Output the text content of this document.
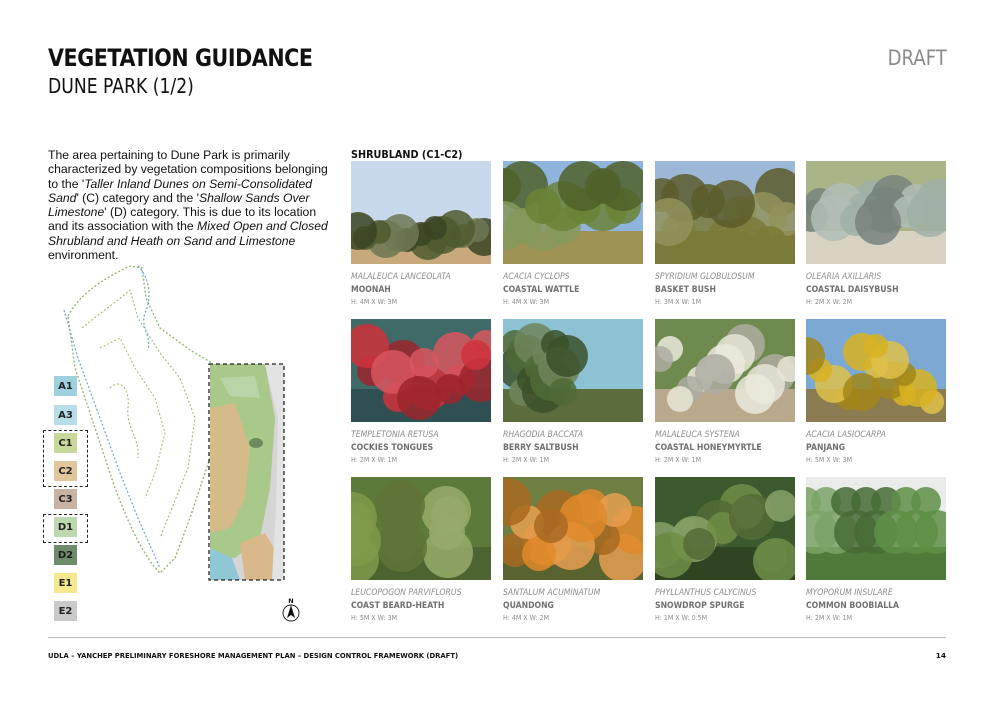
VEGETATION GUIDANCE
DUNE PARK (1/2)
DRAFT

The area pertaining to Dune Park is primarily characterized by vegetation compositions belonging to the 'Taller Inland Dunes on Semi-Consolidated Sand' (C) category and the 'Shallow Sands Over Limestone' (D) category. This is due to its location and its association with the Mixed Open and Closed Shrubland and Heath on Sand and Limestone environment.

SHRUBLAND (C1-C2)
MALALEUCA LANCEOLATA
MOONAH
H: 4M X W: 3M
ACACIA CYCLOPS
COASTAL WATTLE
H: 4M X W: 3M
SPYRIDIUM GLOBULOSUM
BASKET BUSH
H: 3M X W: 1M
OLEARIA AXILLARIS
COASTAL DAISYBUSH
H: 2M X W: 2M
TEMPLETONIA RETUSA
COCKIES TONGUES
H: 2M X W: 1M
RHAGODIA BACCATA
BERRY SALTBUSH
H: 2M X W: 1M
MALALEUCA SYSTENA
COASTAL HONEYMYRTLE
H: 2M X W: 1M
ACACIA LASIOCARPA
PANJANG
H: 5M X W: 3M
LEUCOPOGON PARVIFLORUS
COAST BEARD-HEATH
H: 5M X W: 3M
SANTALUM ACUMINATUM
QUANDONG
H: 4M X W: 2M
PHYLLANTHUS CALYCINUS
SNOWDROP SPURGE
H: 1M X W: 0.5M
MYOPORUM INSULARE
COMMON BOOBIALLA
H: 2M X W: 1M
A1
A3
C1
C2
C3
D1
D2
E1
E2
N
UDLA – YANCHEP PRELIMINARY FORESHORE MANAGEMENT PLAN – DESIGN CONTROL FRAMEWORK (DRAFT)	14
